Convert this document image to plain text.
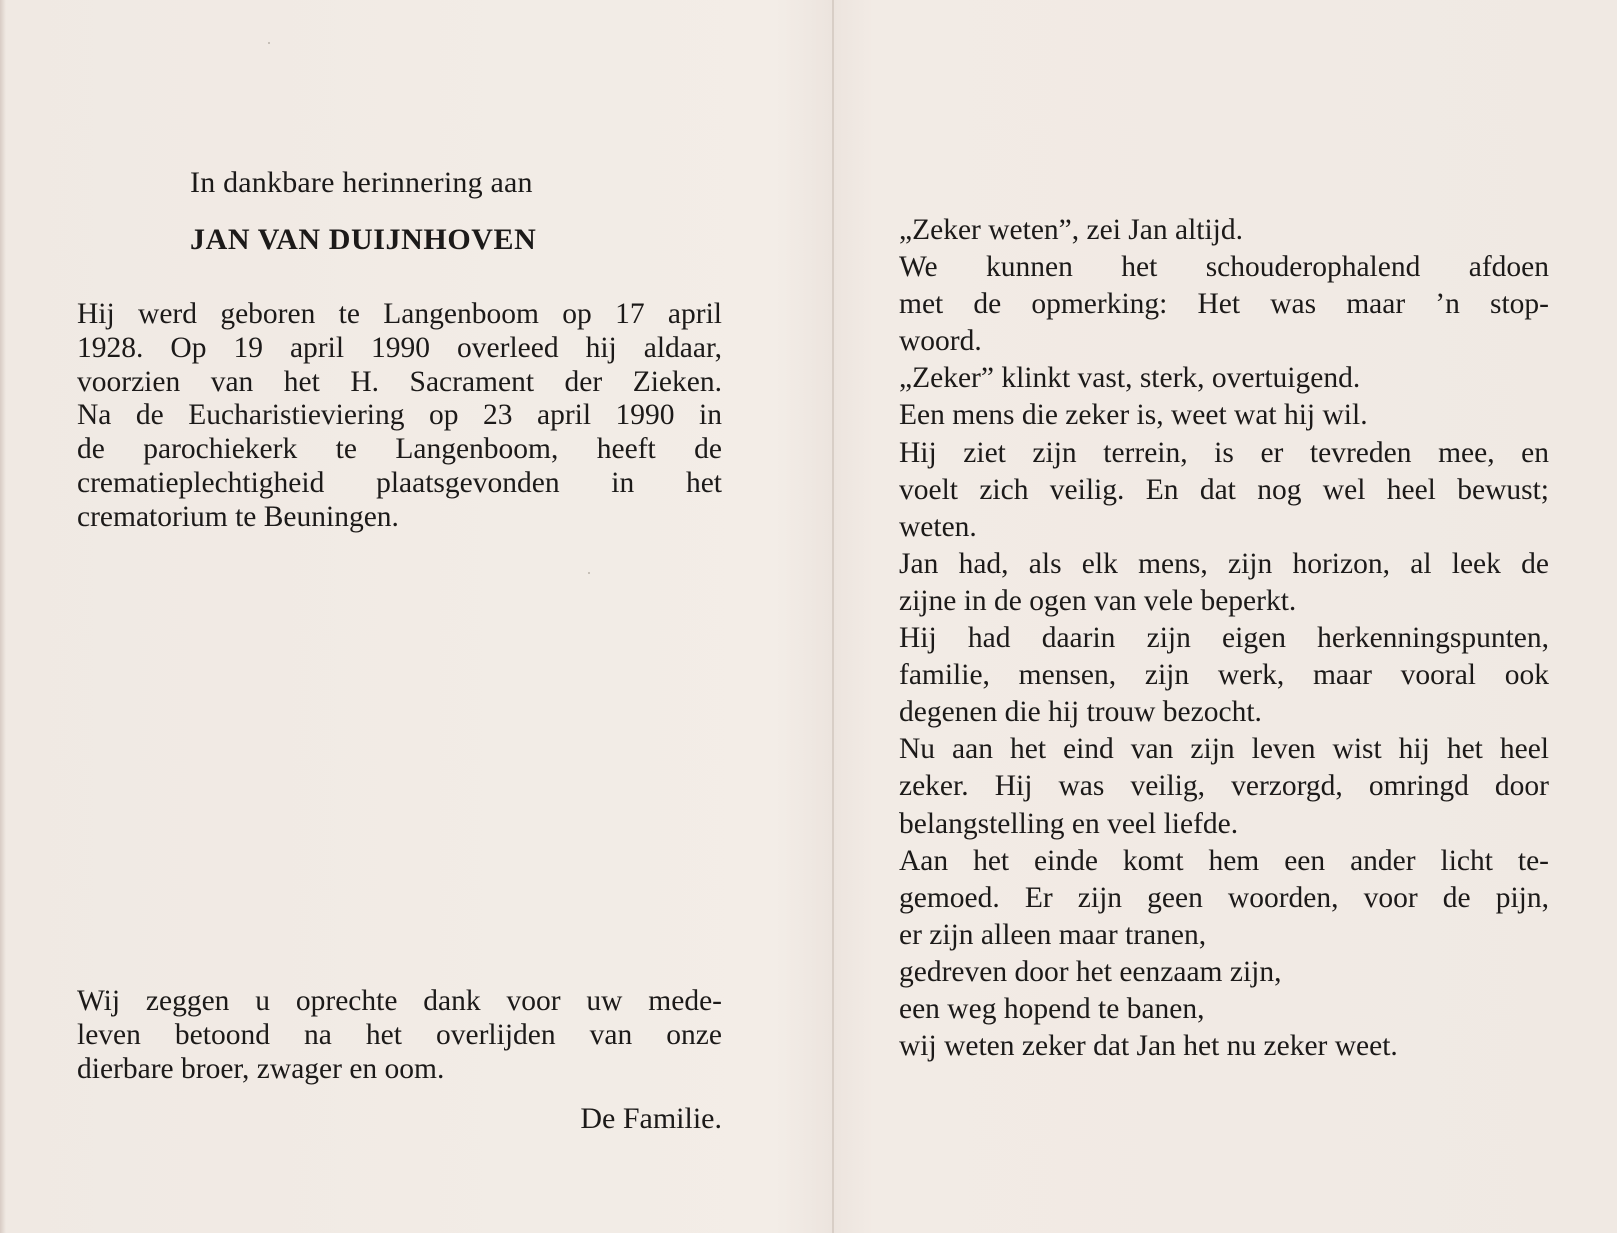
In dankbare herinnering aan
JAN VAN DUIJNHOVEN
Hij werd geboren te Langenboom op 17 april
1928. Op 19 april 1990 overleed hij aldaar,
voorzien van het H. Sacrament der Zieken.
Na de Eucharistieviering op 23 april 1990 in
de parochiekerk te Langenboom, heeft de
crematieplechtigheid plaatsgevonden in het
crematorium te Beuningen.
Wij zeggen u oprechte dank voor uw mede-
leven betoond na het overlijden van onze
dierbare broer, zwager en oom.
De Familie.
„Zeker weten”, zei Jan altijd.
We kunnen het schouderophalend afdoen
met de opmerking: Het was maar ’n stop-
woord.
„Zeker” klinkt vast, sterk, overtuigend.
Een mens die zeker is, weet wat hij wil.
Hij ziet zijn terrein, is er tevreden mee, en
voelt zich veilig. En dat nog wel heel bewust;
weten.
Jan had, als elk mens, zijn horizon, al leek de
zijne in de ogen van vele beperkt.
Hij had daarin zijn eigen herkenningspunten,
familie, mensen, zijn werk, maar vooral ook
degenen die hij trouw bezocht.
Nu aan het eind van zijn leven wist hij het heel
zeker. Hij was veilig, verzorgd, omringd door
belangstelling en veel liefde.
Aan het einde komt hem een ander licht te-
gemoed. Er zijn geen woorden, voor de pijn,
er zijn alleen maar tranen,
gedreven door het eenzaam zijn,
een weg hopend te banen,
wij weten zeker dat Jan het nu zeker weet.
